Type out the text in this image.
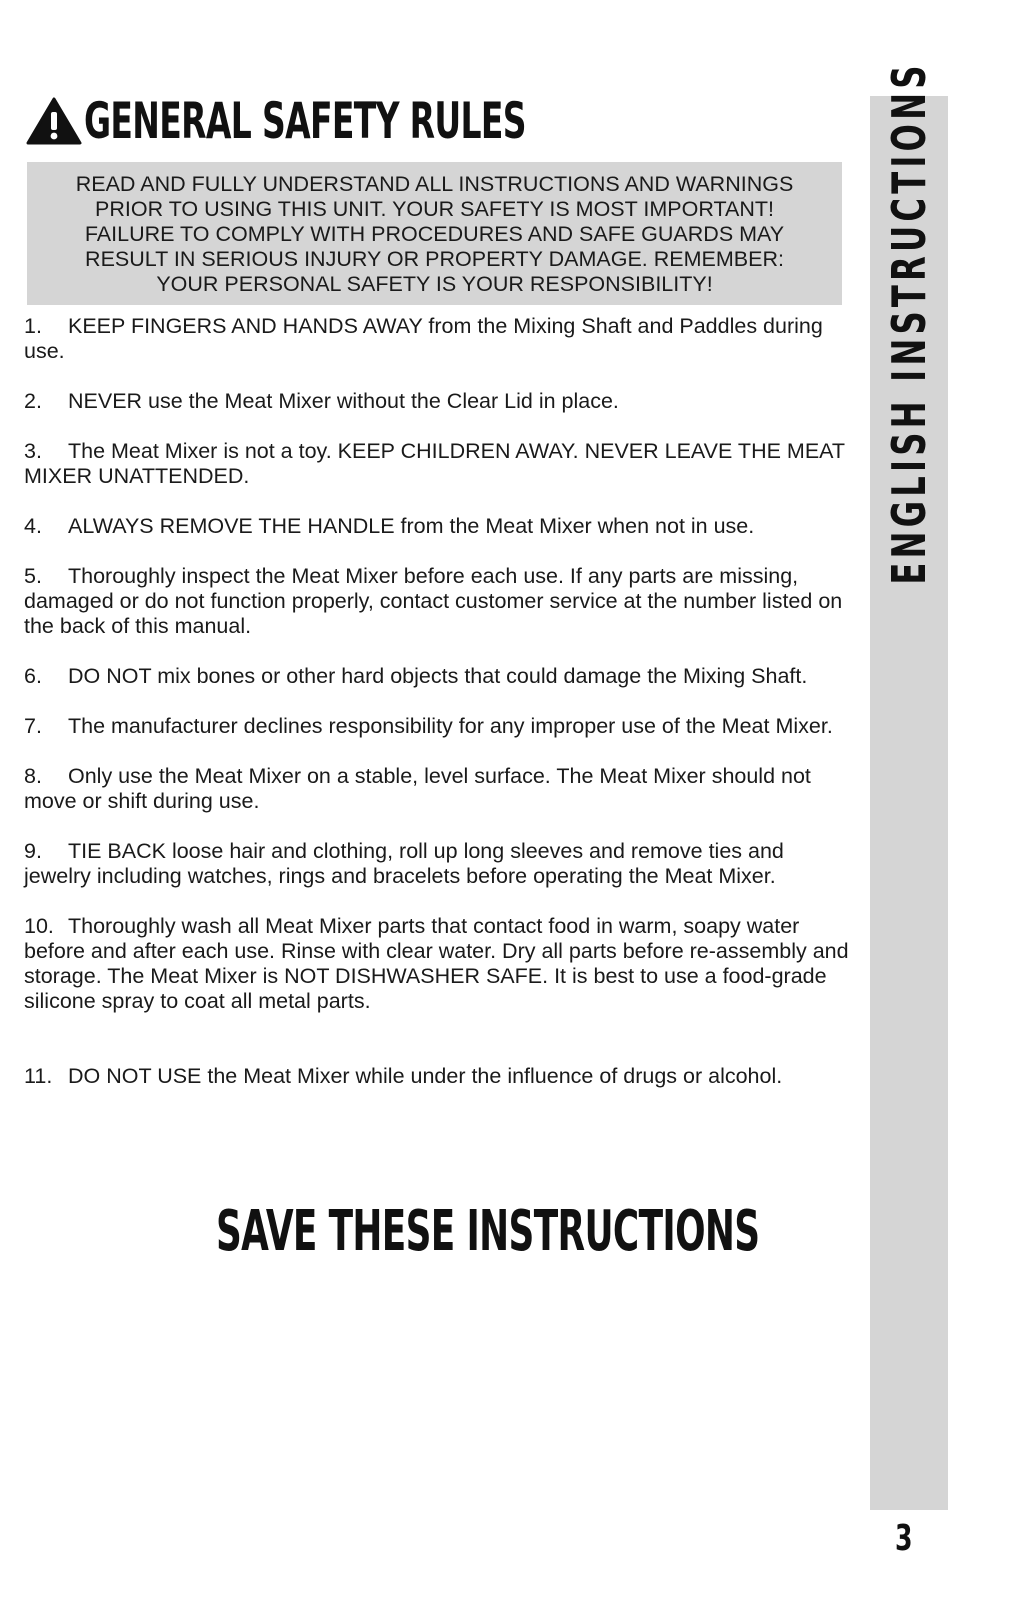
GENERAL SAFETY RULES
READ AND FULLY UNDERSTAND ALL INSTRUCTIONS AND WARNINGS
PRIOR TO USING THIS UNIT. YOUR SAFETY IS MOST IMPORTANT!
FAILURE TO COMPLY WITH PROCEDURES AND SAFE GUARDS MAY
RESULT IN SERIOUS INJURY OR PROPERTY DAMAGE. REMEMBER:
YOUR PERSONAL SAFETY IS YOUR RESPONSIBILITY!
1. KEEP FINGERS AND HANDS AWAY from the Mixing Shaft and Paddles during use.
2. NEVER use the Meat Mixer without the Clear Lid in place.
3. The Meat Mixer is not a toy. KEEP CHILDREN AWAY. NEVER LEAVE THE MEAT MIXER UNATTENDED.
4. ALWAYS REMOVE THE HANDLE from the Meat Mixer when not in use.
5. Thoroughly inspect the Meat Mixer before each use. If any parts are missing, damaged or do not function properly, contact customer service at the number listed on the back of this manual.
6. DO NOT mix bones or other hard objects that could damage the Mixing Shaft.
7. The manufacturer declines responsibility for any improper use of the Meat Mixer.
8. Only use the Meat Mixer on a stable, level surface. The Meat Mixer should not move or shift during use.
9. TIE BACK loose hair and clothing, roll up long sleeves and remove ties and jewelry including watches, rings and bracelets before operating the Meat Mixer.
10. Thoroughly wash all Meat Mixer parts that contact food in warm, soapy water before and after each use. Rinse with clear water. Dry all parts before re-assembly and storage. The Meat Mixer is NOT DISHWASHER SAFE. It is best to use a food-grade silicone spray to coat all metal parts.
11. DO NOT USE the Meat Mixer while under the influence of drugs or alcohol.
SAVE THESE INSTRUCTIONS
ENGLISH INSTRUCTIONS
3
